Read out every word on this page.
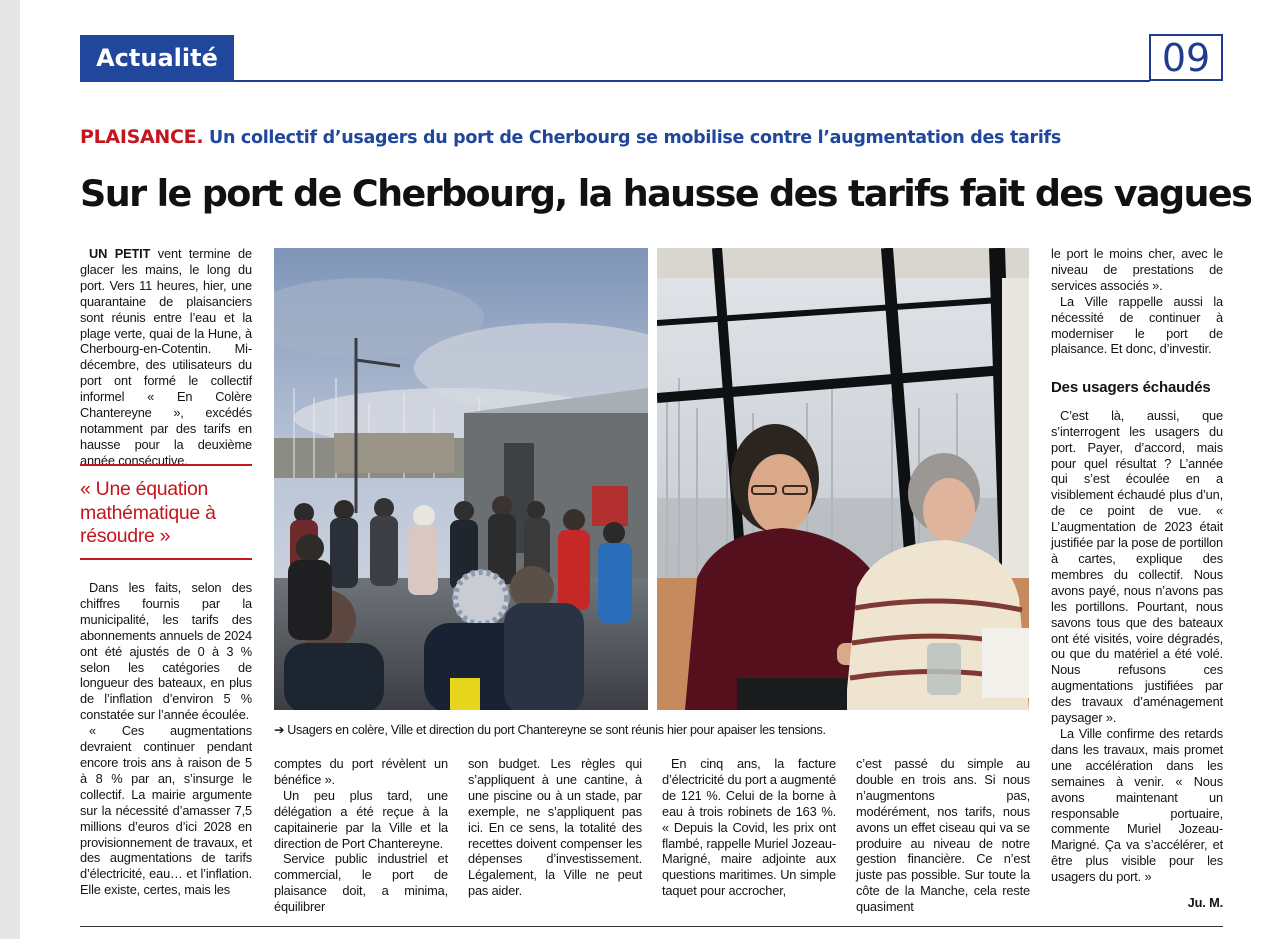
Actualité	09
PLAISANCE. Un collectif d’usagers du port de Cherbourg se mobilise contre l’augmentation des tarifs
Sur le port de Cherbourg, la hausse des tarifs fait des vagues

UN PETIT vent termine de glacer les mains, le long du port. Vers 11 heures, hier, une quarantaine de plaisanciers sont réunis entre l’eau et la plage verte, quai de la Hune, à Cherbourg-en-Cotentin. Mi-décembre, des utilisateurs du port ont formé le collectif informel « En Colère Chantereyne », excédés notamment par des tarifs en hausse pour la deuxième année consécutive.

« Une équation mathématique à résoudre »

Dans les faits, selon des chiffres fournis par la municipalité, les tarifs des abonnements annuels de 2024 ont été ajustés de 0 à 3 % selon les catégories de longueur des bateaux, en plus de l’inflation d’environ 5 % constatée sur l’année écoulée.

« Ces augmentations devraient continuer pendant encore trois ans à raison de 5 à 8 % par an, s’insurge le collectif. La mairie argumente sur la nécessité d’amasser 7,5 millions d’euros d’ici 2028 en provisionnement de travaux, et des augmentations de tarifs d’électricité, eau… et l’inflation. Elle existe, certes, mais les

➔ Usagers en colère, Ville et direction du port Chantereyne se sont réunis hier pour apaiser les tensions.

comptes du port révèlent un bénéfice ».

Un peu plus tard, une délégation a été reçue à la capitainerie par la Ville et la direction de Port Chantereyne.

Service public industriel et commercial, le port de plaisance doit, a minima, équilibrer

son budget. Les règles qui s’appliquent à une cantine, à une piscine ou à un stade, par exemple, ne s’appliquent pas ici. En ce sens, la totalité des recettes doivent compenser les dépenses d’investissement. Légalement, la Ville ne peut pas aider.

En cinq ans, la facture d’électricité du port a augmenté de 121 %. Celui de la borne à eau à trois robinets de 163 %. « Depuis la Covid, les prix ont flambé, rappelle Muriel Jozeau-Marigné, maire adjointe aux questions maritimes. Un simple taquet pour accrocher,

c’est passé du simple au double en trois ans. Si nous n’augmentons pas, modérément, nos tarifs, nous avons un effet ciseau qui va se produire au niveau de notre gestion financière. Ce n’est juste pas possible. Sur toute la côte de la Manche, cela reste quasiment

le port le moins cher, avec le niveau de prestations de services associés ».

La Ville rappelle aussi la nécessité de continuer à moderniser le port de plaisance. Et donc, d’investir.

Des usagers échaudés

C’est là, aussi, que s’interrogent les usagers du port. Payer, d’accord, mais pour quel résultat ? L’année qui s’est écoulée en a visiblement échaudé plus d’un, de ce point de vue. « L’augmentation de 2023 était justifiée par la pose de portillon à cartes, explique des membres du collectif. Nous avons payé, nous n’avons pas les portillons. Pourtant, nous savons tous que des bateaux ont été visités, voire dégradés, ou que du matériel a été volé. Nous refusons ces augmentations justifiées par des travaux d’aménagement paysager ».

La Ville confirme des retards dans les travaux, mais promet une accélération dans les semaines à venir. « Nous avons maintenant un responsable portuaire, commente Muriel Jozeau-Marigné. Ça va s’accélérer, et être plus visible pour les usagers du port. »

Ju. M.
